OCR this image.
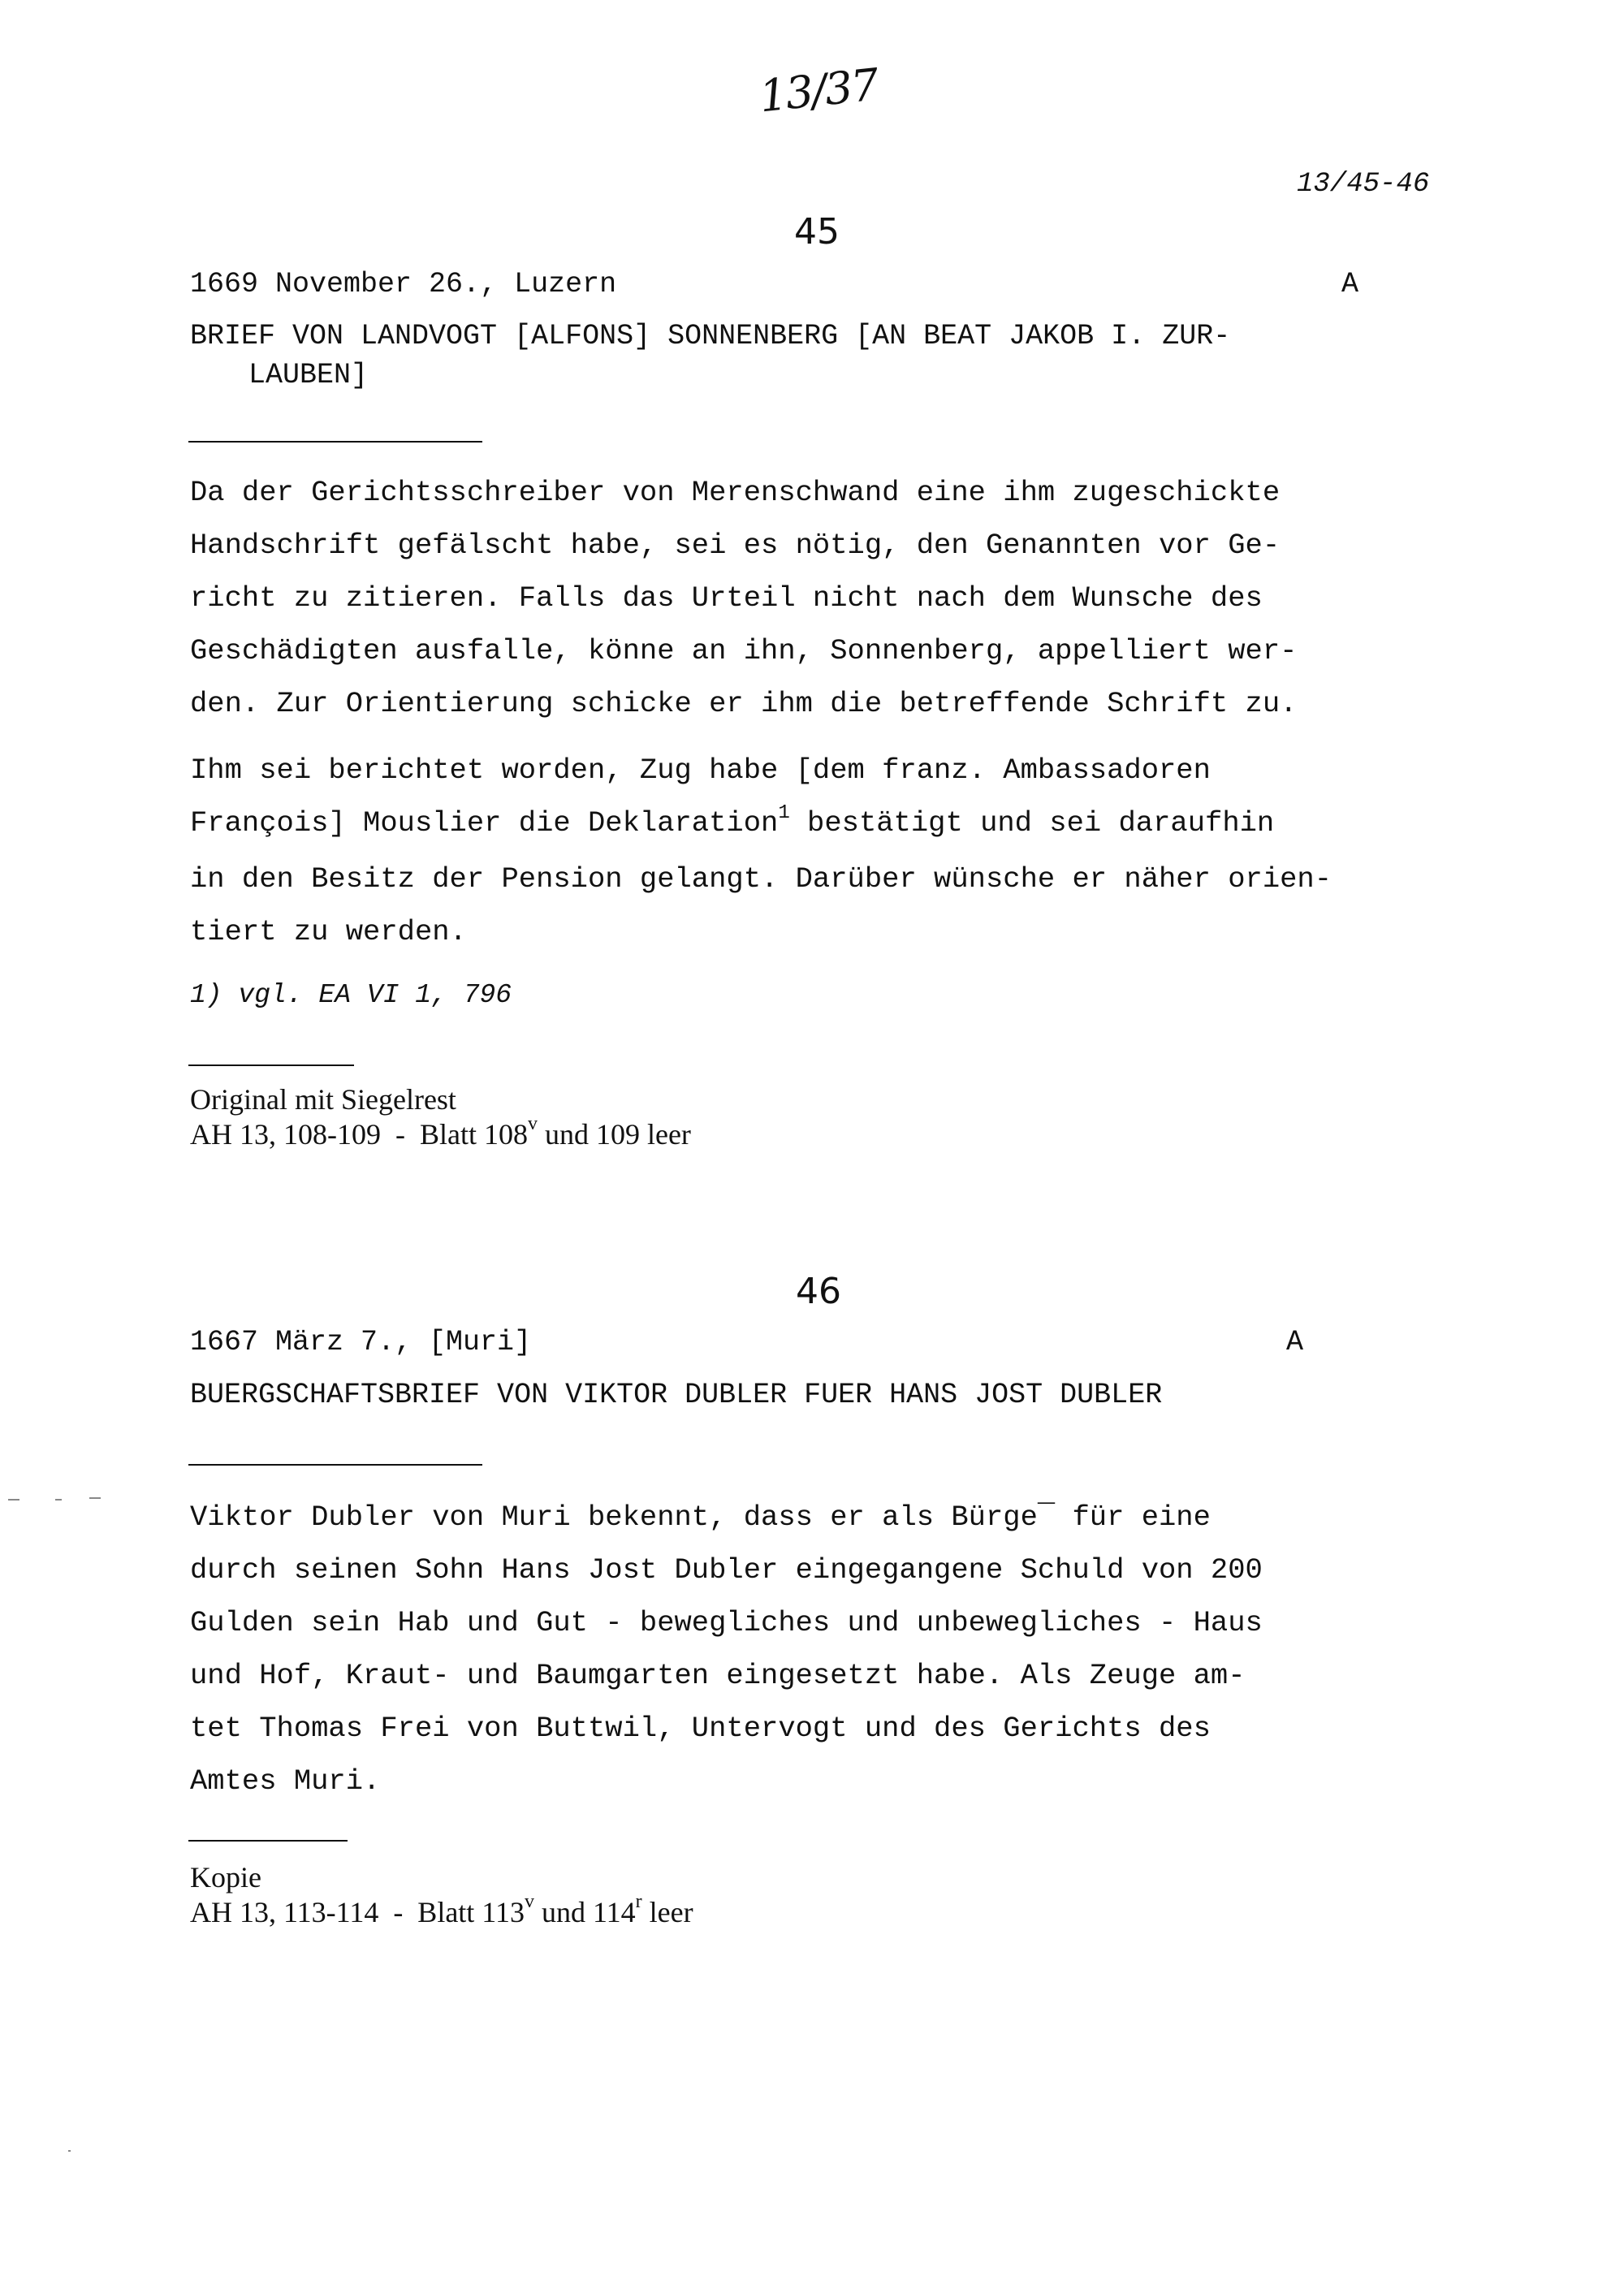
13/37
13/45-46
45
1669 November 26., Luzern	A
BRIEF VON LANDVOGT [ALFONS] SONNENBERG [AN BEAT JAKOB I. ZUR-
LAUBEN]
Da der Gerichtsschreiber von Merenschwand eine ihm zugeschickte
Handschrift gefälscht habe, sei es nötig, den Genannten vor Ge-
richt zu zitieren. Falls das Urteil nicht nach dem Wunsche des
Geschädigten ausfalle, könne an ihn, Sonnenberg, appelliert wer-
den. Zur Orientierung schicke er ihm die betreffende Schrift zu.
Ihm sei berichtet worden, Zug habe [dem franz. Ambassadoren
François] Mouslier die Deklaration$^1$ bestätigt und sei daraufhin
in den Besitz der Pension gelangt. Darüber wünsche er näher orien-
tiert zu werden.
1) vgl. EA VI 1, 796
Original mit Siegelrest
AH 13, 108-109  -  Blatt 108$^v$ und 109 leer
46
1667 März 7., [Muri]	A
BUERGSCHAFTSBRIEF VON VIKTOR DUBLER FUER HANS JOST DUBLER
Viktor Dubler von Muri bekennt, dass er als Bürge¯ für eine
durch seinen Sohn Hans Jost Dubler eingegangene Schuld von 200
Gulden sein Hab und Gut - bewegliches und unbewegliches - Haus
und Hof, Kraut- und Baumgarten eingesetzt habe. Als Zeuge am-
tet Thomas Frei von Buttwil, Untervogt und des Gerichts des
Amtes Muri.
Kopie
AH 13, 113-114  -  Blatt 113$^v$ und 114$^r$ leer
